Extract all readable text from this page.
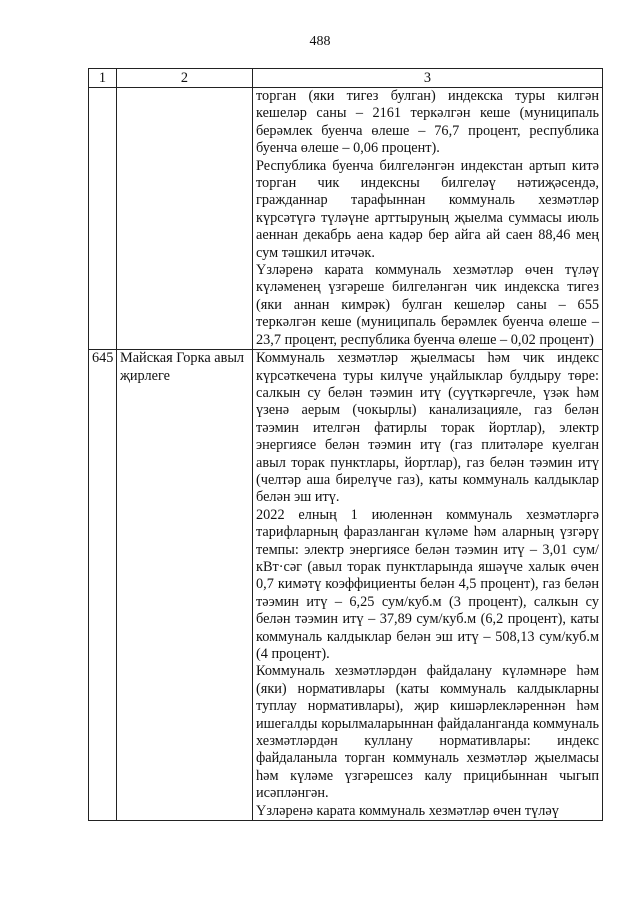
488
1	2	3

		торган (яки тигез булган) индекска туры килгән кешеләр саны – 2161 теркәлгән кеше (муниципаль берәмлек буенча өлеше – 76,7 процент, республика буенча өлеше – 0,06 процент).

Республика буенча билгеләнгән индекстан артып китә торган чик индексны билгеләү нәтиҗәсендә, гражданнар тарафыннан коммуналь хезмәтләр күрсәтүгә түләүне арттыруның җыелма суммасы июль аеннан декабрь аена кадәр бер айга ай саен 88,46 мең сум тәшкил итәчәк.

Үзләренә карата коммуналь хезмәтләр өчен түләү күләменең үзгәреше билгеләнгән чик индекска тигез (яки аннан кимрәк) булган кешеләр саны – 655 теркәлгән кеше (муниципаль берәмлек буенча өлеше – 23,7 процент, республика буенча өлеше – 0,02 процент)

645	Майская Горка авыл җирлеге	Коммуналь хезмәтләр җыелмасы һәм чик индекс күрсәткечена туры килүче уңайлыклар булдыру төре: салкын су белән тәэмин итү (суүткәргечле, үзәк һәм үзенә аерым (чокырлы) канализацияле, газ белән тәэмин ителгән фатирлы торак йортлар), электр энергиясе белән тәэмин итү (газ плитәләре куелган авыл торак пунктлары, йортлар), газ белән тәэмин итү (челтәр аша бирелүче газ), каты коммуналь калдыклар белән эш итү.

2022 елның 1 июленнән коммуналь хезмәтләргә тарифларның фаразланган күләме һәм аларның үзгәрү темпы: электр энергиясе белән тәэмин итү – 3,01 сум/кВт·сәг (авыл торак пунктларында яшәүче халык өчен 0,7 кимәтү коэффициенты белән 4,5 процент), газ белән тәэмин итү – 6,25 сум/куб.м (3 процент), салкын су белән тәэмин итү – 37,89 сум/куб.м (6,2 процент), каты коммуналь калдыклар белән эш итү – 508,13 сум/куб.м (4 процент).

Коммуналь хезмәтләрдән файдалану күләмнәре һәм (яки) нормативлары (каты коммуналь калдыкларны туплау нормативлары), җир кишәрлекләреннән һәм ишегалды корылмаларыннан файдаланганда коммуналь хезмәтләрдән куллану нормативлары: индекс файдаланыла торган коммуналь хезмәтләр җыелмасы һәм күләме үзгәрешсез калу прицибыннан чыгып исәпләнгән.

Үзләренә карата коммуналь хезмәтләр өчен түләү
